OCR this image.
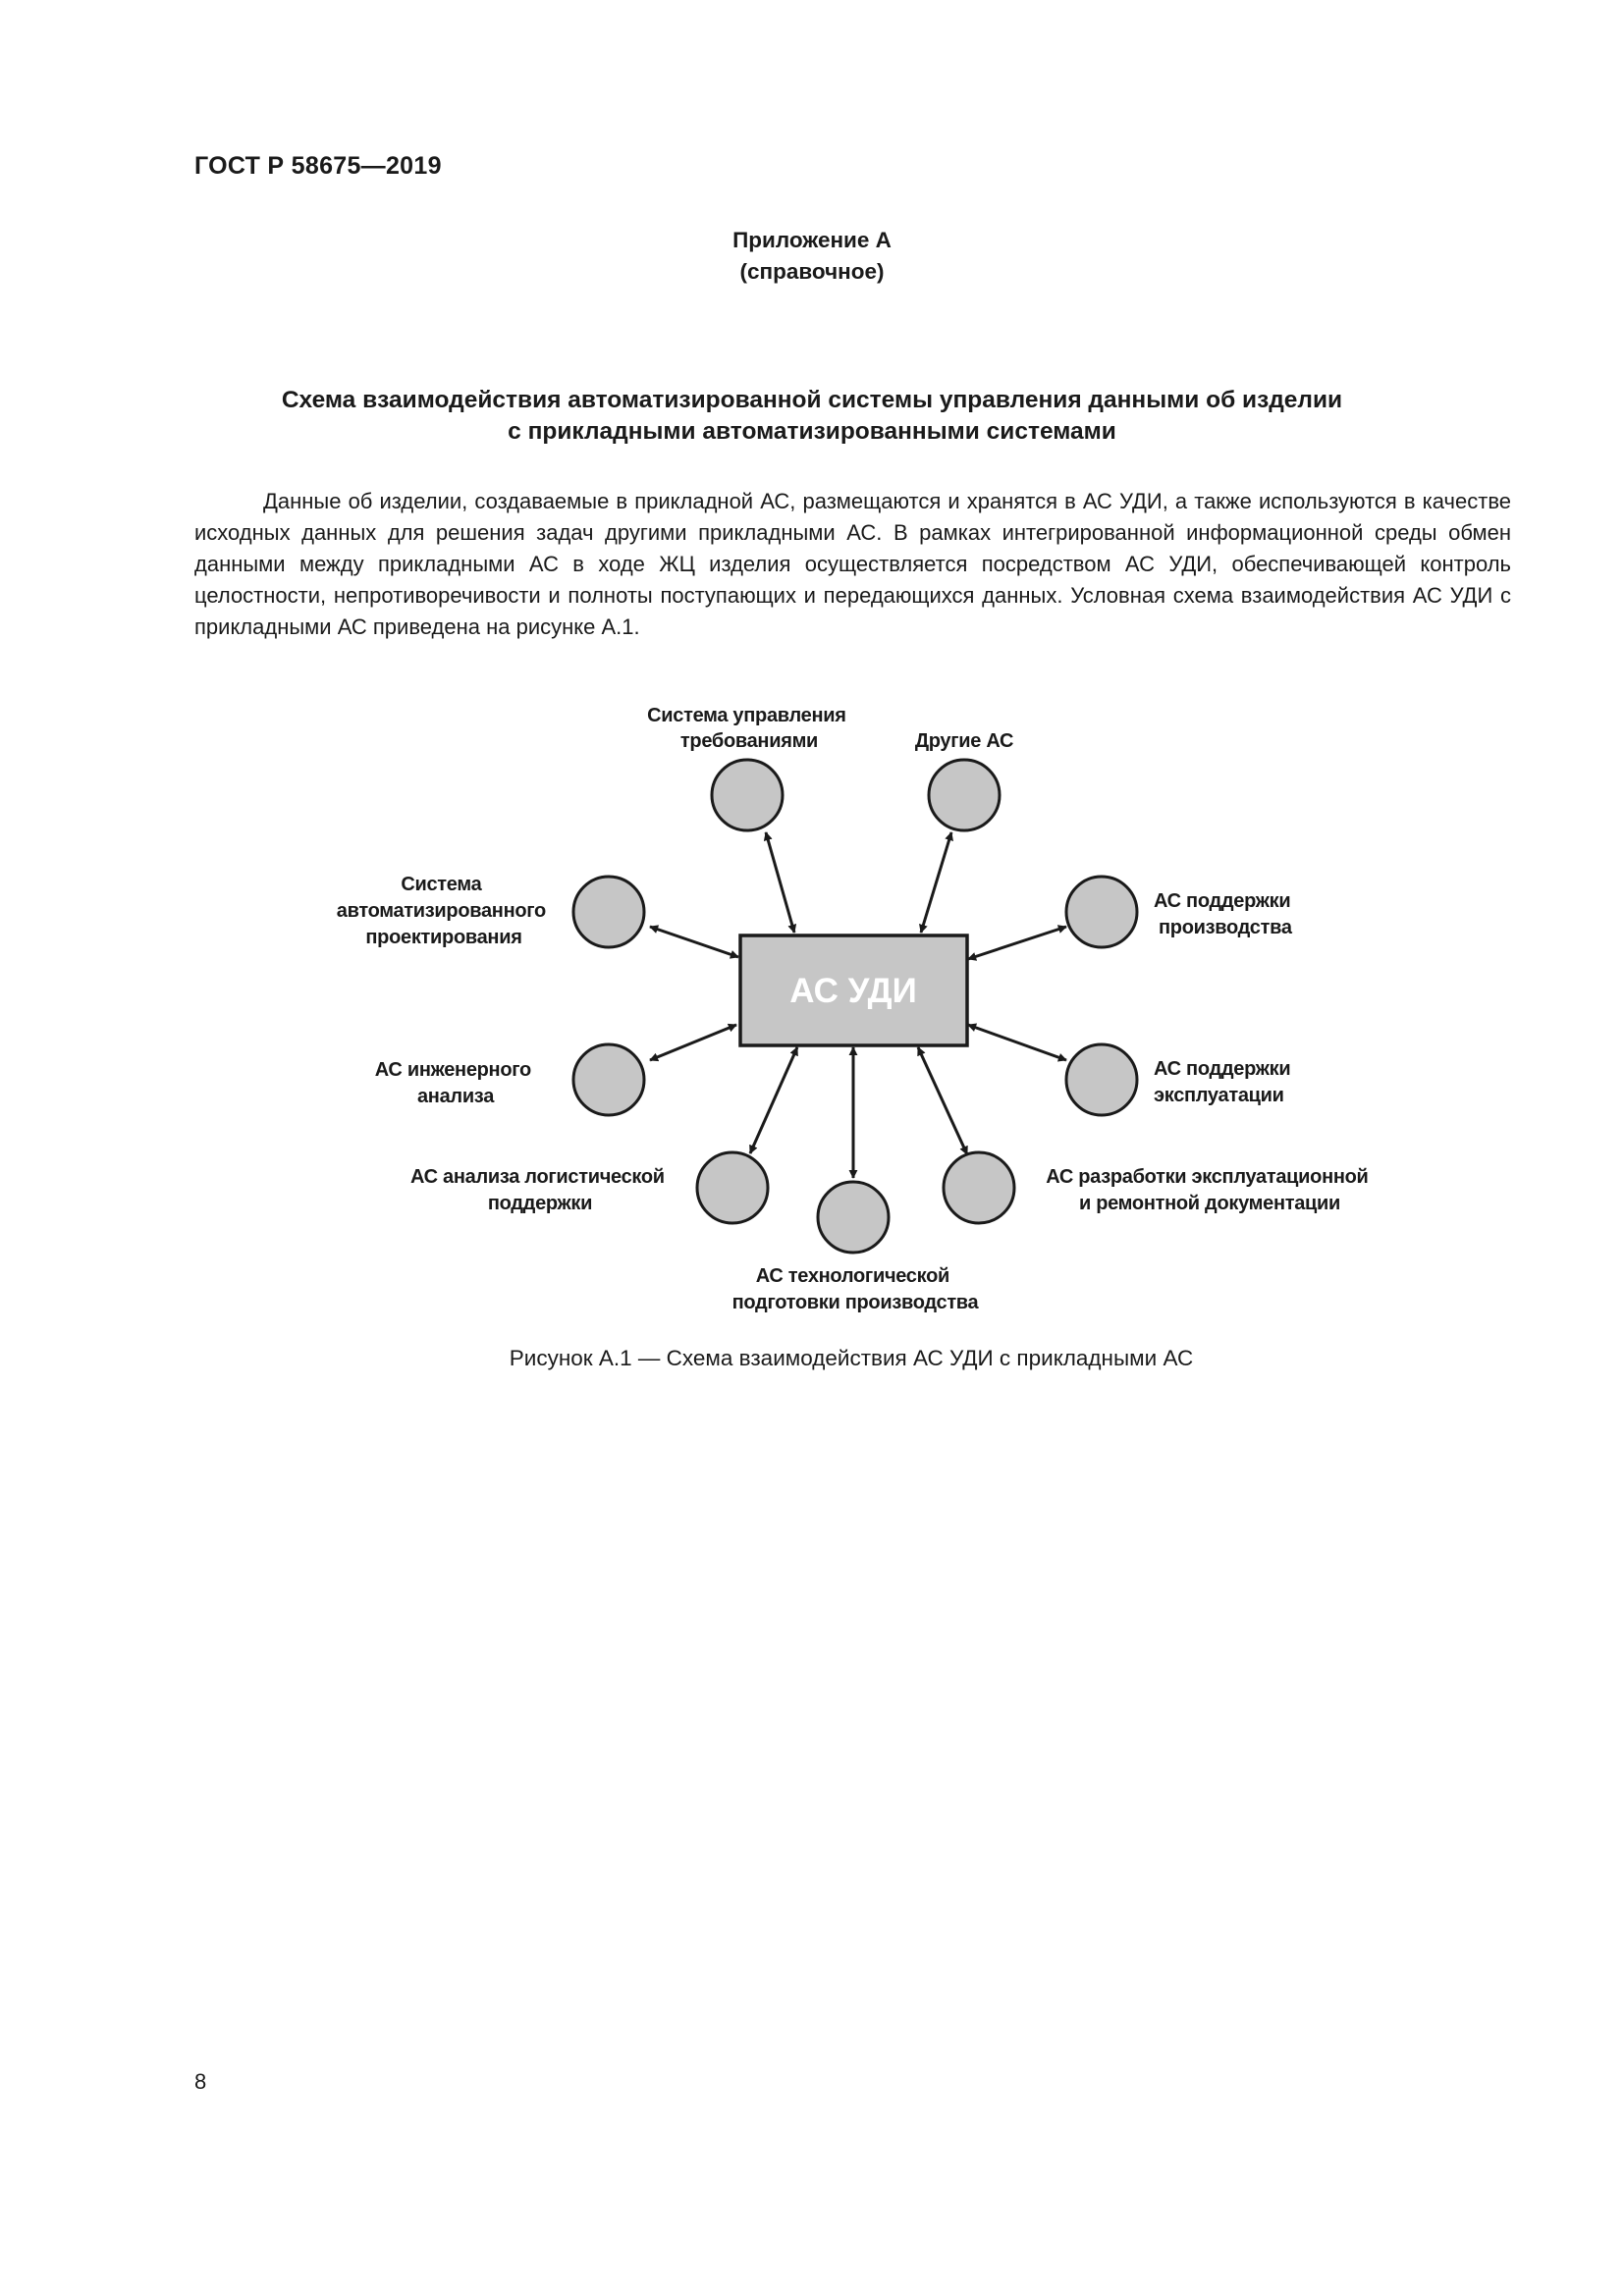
ГОСТ Р 58675—2019
Приложение А
(справочное)
Схема взаимодействия автоматизированной системы управления данными об изделии
с прикладными автоматизированными системами

Данные об изделии, создаваемые в прикладной АС, размещаются и хранятся в АС УДИ, а также используются в качестве исходных данных для решения задач другими прикладными АС. В рамках интегрированной информационной среды обмен данными между прикладными АС в ходе ЖЦ изделия осуществляется посредством АС УДИ, обеспечивающей контроль целостности, непротиворечивости и полноты поступающих и передающихся данных. Условная схема взаимодействия АС УДИ с прикладными АС приведена на рисунке А.1.

АС УДИ
Система управления требованиями	Другие АС
Система автоматизированного проектирования
АС поддержки производства
АС инженерного анализа
АС поддержки эксплуатации
АС анализа логистической поддержки
АС технологической подготовки производства
АС разработки эксплуатационной и ремонтной документации
Рисунок А.1 — Схема взаимодействия АС УДИ с прикладными АС
8
